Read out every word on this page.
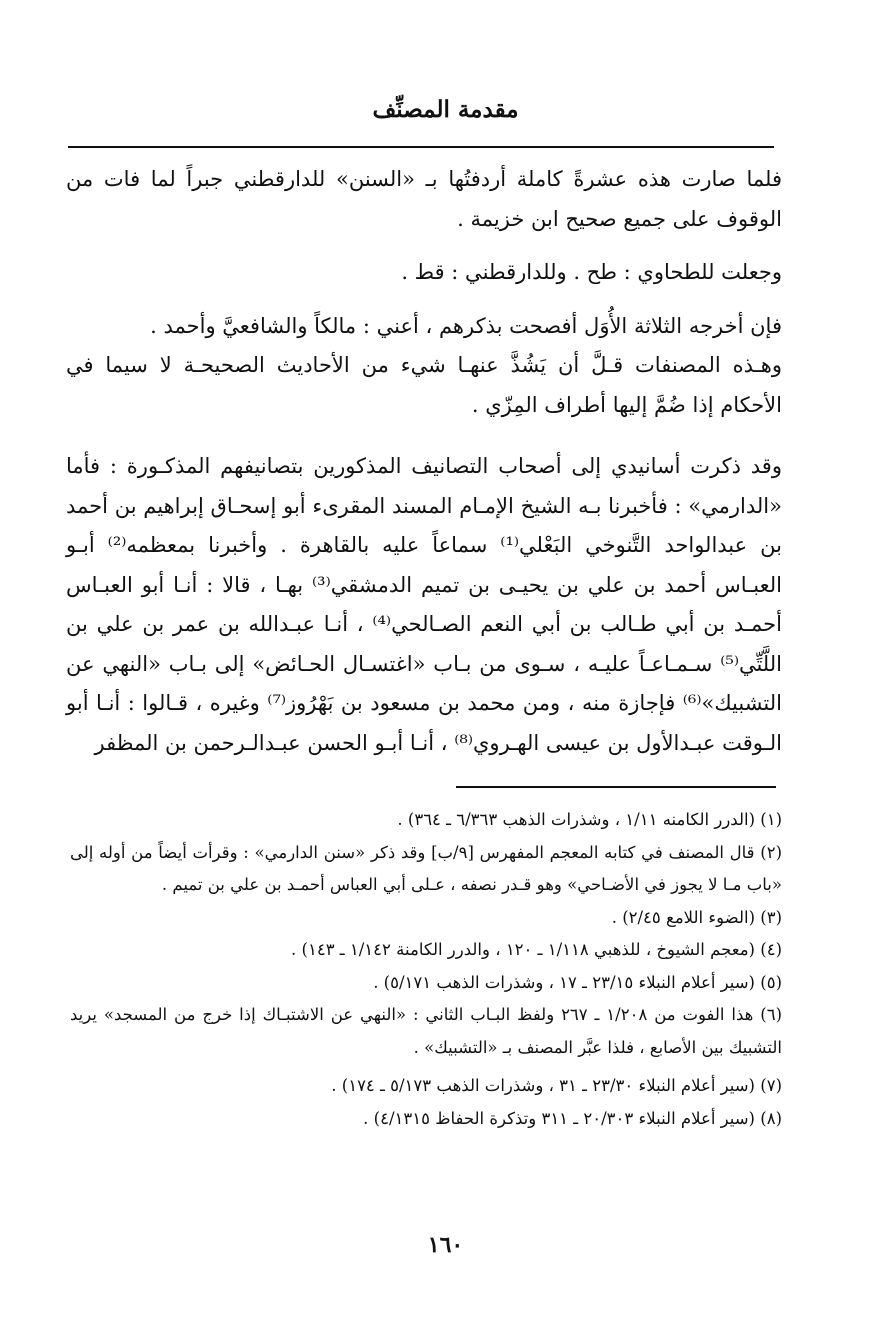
مقدمة المصنِّف

فلما صارت هذه عشرةً كاملة أردفتُها بـ «السنن» للدارقطني جبراً لما فات من الوقوف على جميع صحيح ابن خزيمة .

وجعلت للطحاوي : طح . وللدارقطني : قط .

فإن أخرجه الثلاثة الأُوَل أفصحت بذكرهم ، أعني : مالكاً والشافعيَّ وأحمد .

وهـذه المصنفات قـلَّ أن يَشُذَّ عنهـا شيء من الأحاديث الصحيحـة لا سيما في الأحكام إذا ضُمَّ إليها أطراف المِزّي .

وقد ذكرت أسانيدي إلى أصحاب التصانيف المذكورين بتصانيفهم المذكـورة : فأما «الدارمي» : فأخبرنا بـه الشيخ الإمـام المسند المقرىء أبو إسحـاق إبراهيم بن أحمد بن عبدالواحد التَّنوخي البَعْلي⁽¹⁾ سماعاً عليه بالقاهرة . وأخبرنا بمعظمه⁽²⁾ أبـو العبـاس أحمد بن علي بن يحيـى بن تميم الدمشقي⁽³⁾ بهـا ، قالا : أنـا أبو العبـاس أحمـد بن أبي طـالب بن أبي النعم الصـالحي⁽⁴⁾ ، أنـا عبـدالله بن عمر بن علي بن اللَّتِّي⁽⁵⁾ سـمـاعـاً عليـه ، سـوى من بـاب «اغتسـال الحـائض» إلى بـاب «النهي عن التشبيك»⁽⁶⁾ فإجازة منه ، ومن محمد بن مسعود بن بَهْرُوز⁽⁷⁾ وغيره ، قـالوا : أنـا أبو الـوقت عبـدالأول بن عيسى الهـروي⁽⁸⁾ ، أنـا أبـو الحسن عبـدالـرحمن بن المظفر

(١) (الدرر الكامنه ١/١١ ، وشذرات الذهب ٦/٣٦٣ ـ ٣٦٤) .

(٢) قال المصنف في كتابه المعجم المفهرس [٩/ب] وقد ذكر «سنن الدارمي» : وقرأت أيضاً من أوله إلى «باب مـا لا يجوز في الأضـاحي» وهو قـدر نصفه ، عـلى أبي العباس أحمـد بن علي بن تميم .

(٣) (الضوء اللامع ٢/٤٥) .

(٤) (معجم الشيوخ ، للذهبي ١/١١٨ ـ ١٢٠ ، والدرر الكامنة ١/١٤٢ ـ ١٤٣) .

(٥) (سير أعلام النبلاء ٢٣/١٥ ـ ١٧ ، وشذرات الذهب ٥/١٧١) .

(٦) هذا الفوت من ١/٢٠٨ ـ ٢٦٧ ولفظ البـاب الثاني : «النهي عن الاشتبـاك إذا خرج من المسجد» يريد التشبيك بين الأصابع ، فلذا عبَّر المصنف بـ «التشبيك» .

(٧) (سير أعلام النبلاء ٢٣/٣٠ ـ ٣١ ، وشذرات الذهب ٥/١٧٣ ـ ١٧٤) .

(٨) (سير أعلام النبلاء ٢٠/٣٠٣ ـ ٣١١ وتذكرة الحفاظ ٤/١٣١٥) .

١٦٠
